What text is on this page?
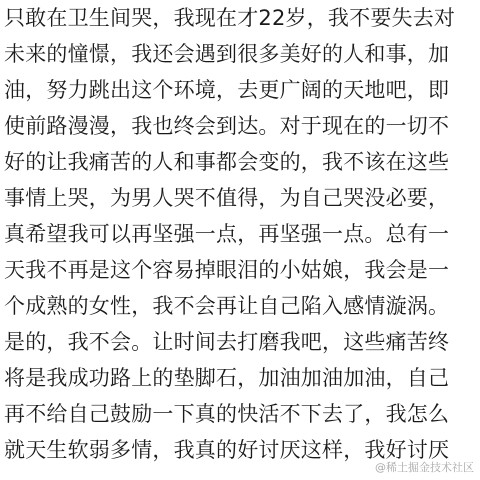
只敢在卫生间哭，我现在才22岁，我不要失去对
未来的憧憬，我还会遇到很多美好的人和事，加
油，努力跳出这个环境，去更广阔的天地吧，即
使前路漫漫，我也终会到达。对于现在的一切不
好的让我痛苦的人和事都会变的，我不该在这些
事情上哭，为男人哭不值得，为自己哭没必要，
真希望我可以再坚强一点，再坚强一点。总有一
天我不再是这个容易掉眼泪的小姑娘，我会是一
个成熟的女性，我不会再让自己陷入感情漩涡。
是的，我不会。让时间去打磨我吧，这些痛苦终
将是我成功路上的垫脚石，加油加油加油，自己
再不给自己鼓励一下真的快活不下去了，我怎么
就天生软弱多情，我真的好讨厌这样，我好讨厌
@稀土掘金技术社区
